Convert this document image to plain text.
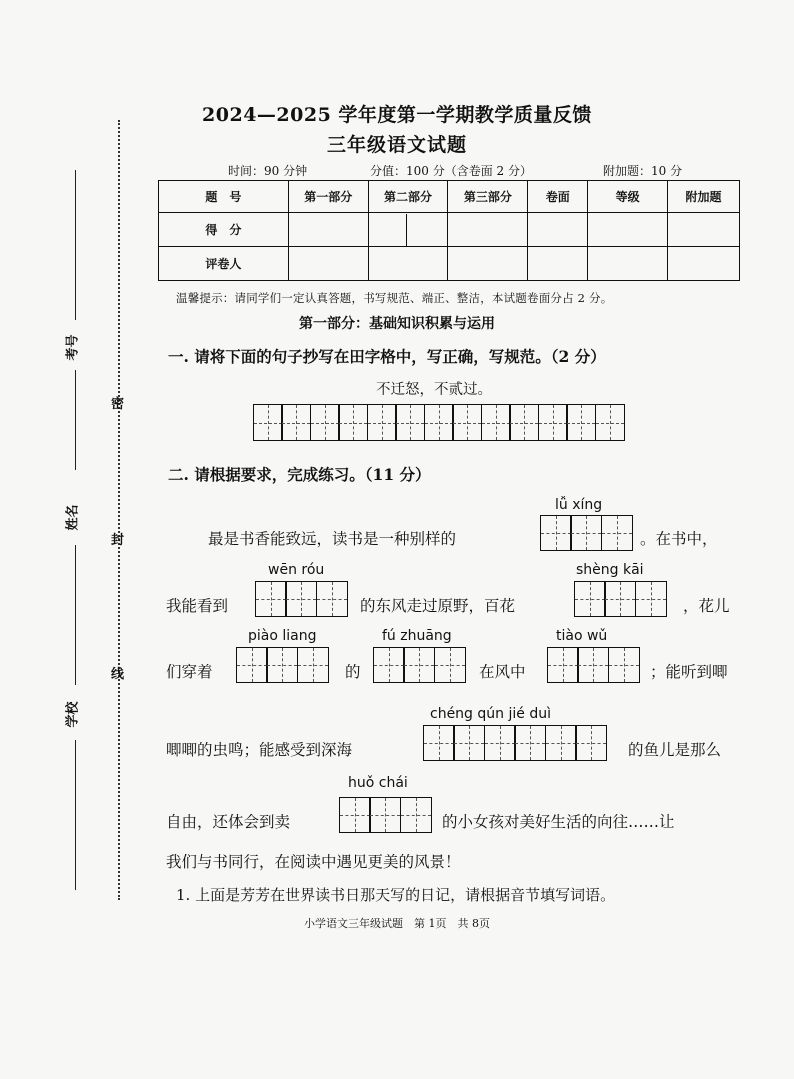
密
封
线
考号
姓名
学校
2024—2025 学年度第一学期教学质量反馈
三年级语文试题
时间：90 分钟	分值：100 分（含卷面 2 分）	附加题：10 分
题　号	第一部分	第二部分	第三部分	卷面	等级	附加题
得　分		

评卷人						
温馨提示：请同学们一定认真答题，书写规范、端正、整洁，本试题卷面分占 2 分。
第一部分：基础知识积累与运用
一. 请将下面的句子抄写在田字格中，写正确，写规范。（2 分）
不迁怒，不贰过。
二. 请根据要求，完成练习。（11 分）
lǚ xíng
最是书香能致远，读书是一种别样的	。在书中，
wēn róu	shèng kāi
我能看到	的东风走过原野，百花	，花儿
piào liang	fú zhuāng	tiào wǔ
们穿着	的	在风中	；能听到唧
chéng qún jié duì
唧唧的虫鸣；能感受到深海	的鱼儿是那么
huǒ chái
自由，还体会到卖	的小女孩对美好生活的向往……让
我们与书同行，在阅读中遇见更美的风景！
1. 上面是芳芳在世界读书日那天写的日记，请根据音节填写词语。
小学语文三年级试题　第 1页　共 8页
